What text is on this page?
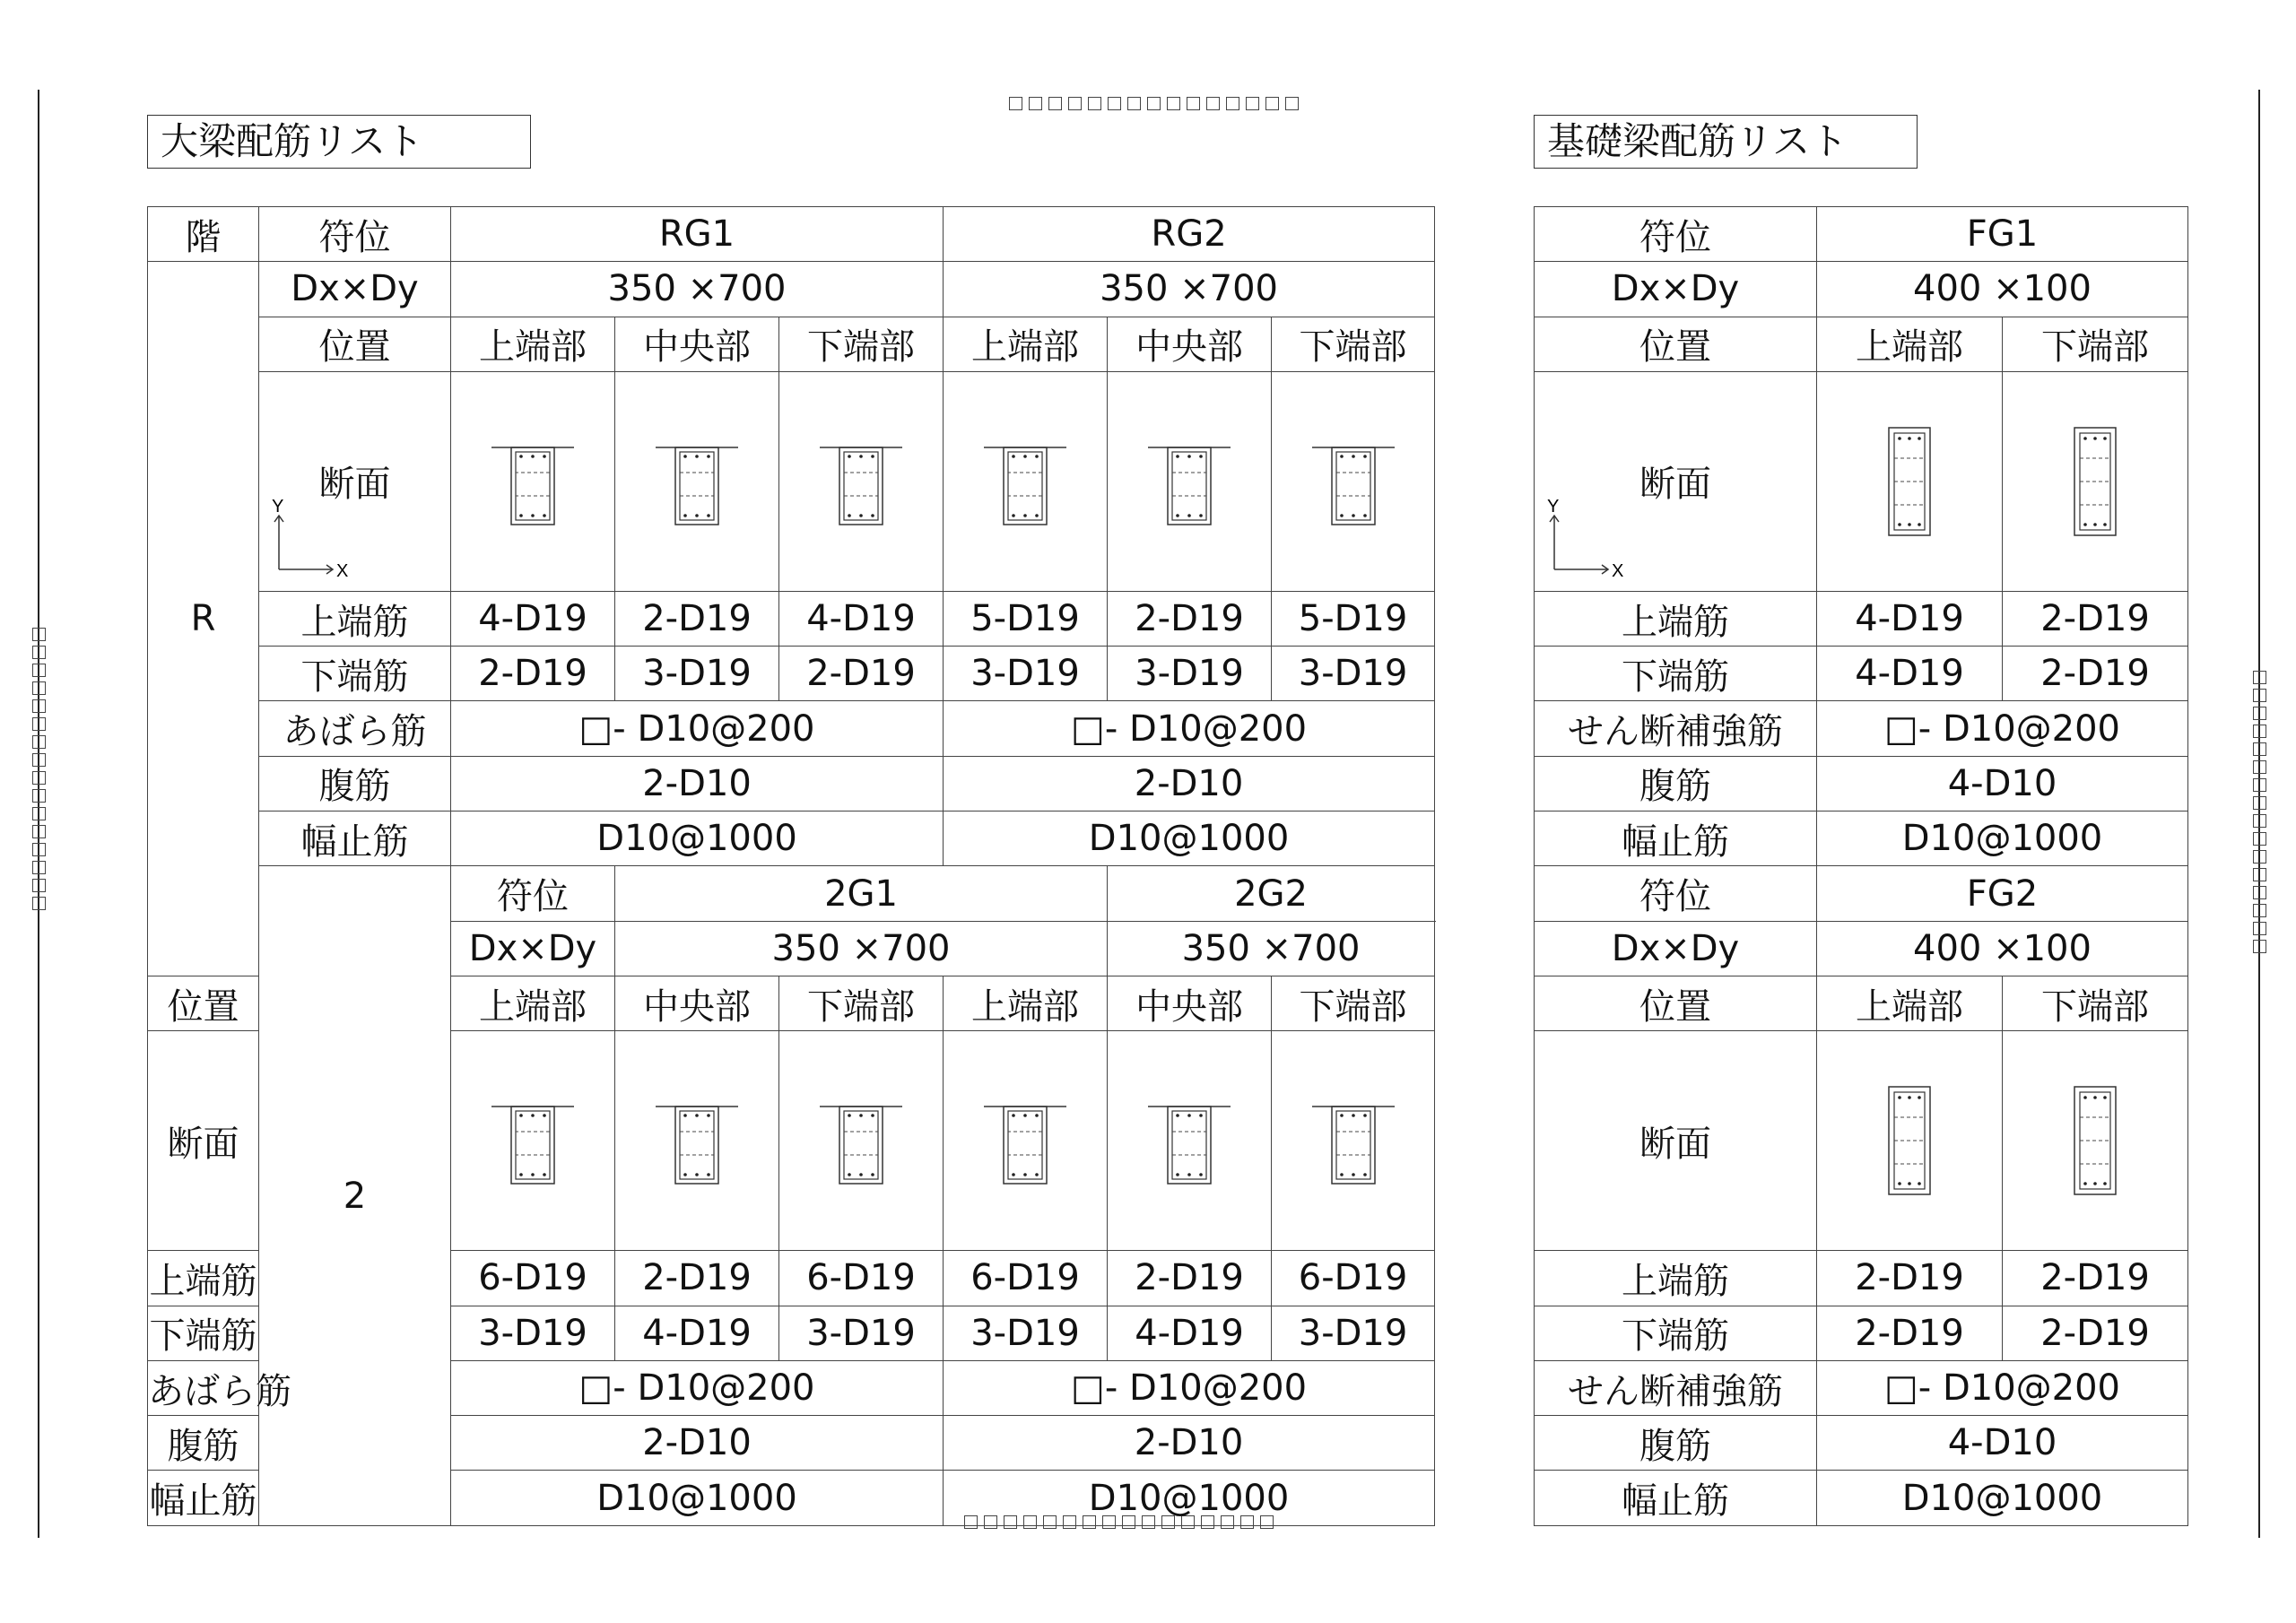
大梁配筋リスト	基礎梁配筋リスト
階	符位	RG1			RG2		
R	Dx×Dy	350 ×700			350 ×700		
	位置	上端部	中央部	下端部	上端部	中央部	下端部
	断面
Y
X

	上端筋	4-D19	2-D19	4-D19	5-D19	2-D19	5-D19
	下端筋	2-D19	3-D19	2-D19	3-D19	3-D19	3-D19
	あばら筋	□- D10@200			□- D10@200		
	腹筋	2-D10			2-D10		
	幅止筋	D10@1000			D10@1000		
	2	符位	2G1			2G2	
		Dx×Dy	350 ×700			350 ×700	
位置		上端部	中央部	下端部	上端部	中央部	下端部
断面	

上端筋		6-D19	2-D19	6-D19	6-D19	2-D19	6-D19
下端筋		3-D19	4-D19	3-D19	3-D19	4-D19	3-D19
あばら筋		□- D10@200			□- D10@200		
腹筋		2-D10			2-D10		
幅止筋		D10@1000			D10@1000		
符位	FG1	
Dx×Dy	400 ×100	
位置	上端部	下端部
断面
Y
X

上端筋	4-D19	2-D19
下端筋	4-D19	2-D19
せん断補強筋	□- D10@200	
腹筋	4-D10	
幅止筋	D10@1000	
符位	FG2	
Dx×Dy	400 ×100	
位置	上端部	下端部
断面	

上端筋	2-D19	2-D19
下端筋	2-D19	2-D19
せん断補強筋	□- D10@200	
腹筋	4-D10	
幅止筋	D10@1000	
